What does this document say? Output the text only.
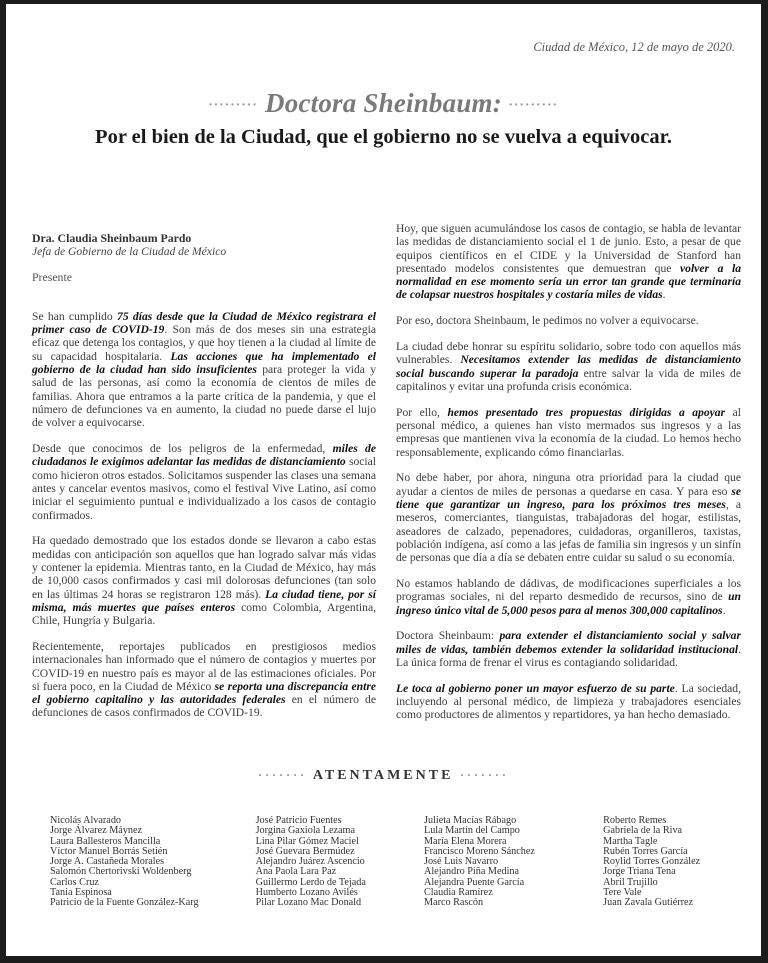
Ciudad de México, 12 de mayo de 2020.
········· Doctora Sheinbaum: ·········
Por el bien de la Ciudad, que el gobierno no se vuelva a equivocar.
Dra. Claudia Sheinbaum Pardo
Jefa de Gobierno de la Ciudad de México
Presente

Se han cumplido 75 días desde que la Ciudad de México registrara el primer caso de COVID-19. Son más de dos meses sin una estrategia eficaz que detenga los contagios, y que hoy tienen a la ciudad al límite de su capacidad hospitalaria. Las acciones que ha implementado el gobierno de la ciudad han sido insuficientes para proteger la vida y salud de las personas, así como la economía de cientos de miles de familias. Ahora que entramos a la parte crítica de la pandemia, y que el número de defunciones va en aumento, la ciudad no puede darse el lujo de volver a equivocarse.

Desde que conocimos de los peligros de la enfermedad, miles de ciudadanos le exigimos adelantar las medidas de distanciamiento social como hicieron otros estados. Solicitamos suspender las clases una semana antes y cancelar eventos masivos, como el festival Vive Latino, así como iniciar el seguimiento puntual e individualizado a los casos de contagio confirmados.

Ha quedado demostrado que los estados donde se llevaron a cabo estas medidas con anticipación son aquellos que han logrado salvar más vidas y contener la epidemia. Mientras tanto, en la Ciudad de México, hay más de 10,000 casos confirmados y casi mil dolorosas defunciones (tan solo en las últimas 24 horas se registraron 128 más). La ciudad tiene, por sí misma, más muertes que países enteros como Colombia, Argentina, Chile, Hungría y Bulgaria.

Recientemente, reportajes publicados en prestigiosos medios internacionales han informado que el número de contagios y muertes por COVID-19 en nuestro país es mayor al de las estimaciones oficiales. Por si fuera poco, en la Ciudad de México se reporta una discrepancia entre el gobierno capitalino y las autoridades federales en el número de defunciones de casos confirmados de COVID-19.

Hoy, que siguen acumulándose los casos de contagio, se habla de levantar las medidas de distanciamiento social el 1 de junio. Esto, a pesar de que equipos científicos en el CIDE y la Universidad de Stanford han presentado modelos consistentes que demuestran que volver a la normalidad en ese momento sería un error tan grande que terminaría de colapsar nuestros hospitales y costaría miles de vidas.

Por eso, doctora Sheinbaum, le pedimos no volver a equivocarse.

La ciudad debe honrar su espíritu solidario, sobre todo con aquellos más vulnerables. Necesitamos extender las medidas de distanciamiento social buscando superar la paradoja entre salvar la vida de miles de capitalinos y evitar una profunda crisis económica.

Por ello, hemos presentado tres propuestas dirigidas a apoyar al personal médico, a quienes han visto mermados sus ingresos y a las empresas que mantienen viva la economía de la ciudad. Lo hemos hecho responsablemente, explicando cómo financiarlas.

No debe haber, por ahora, ninguna otra prioridad para la ciudad que ayudar a cientos de miles de personas a quedarse en casa. Y para eso se tiene que garantizar un ingreso, para los próximos tres meses, a meseros, comerciantes, tianguistas, trabajadoras del hogar, estilistas, aseadores de calzado, pepenadores, cuidadoras, organilleros, taxistas, población indígena, así como a las jefas de familia sin ingresos y un sinfín de personas que día a día se debaten entre cuidar su salud o su economía.

No estamos hablando de dádivas, de modificaciones superficiales a los programas sociales, ni del reparto desmedido de recursos, sino de un ingreso único vital de 5,000 pesos para al menos 300,000 capitalinos.

Doctora Sheinbaum: para extender el distanciamiento social y salvar miles de vidas, también debemos extender la solidaridad institucional. La única forma de frenar el virus es contagiando solidaridad.

Le toca al gobierno poner un mayor esfuerzo de su parte. La sociedad, incluyendo al personal médico, de limpieza y trabajadores esenciales como productores de alimentos y repartidores, ya han hecho demasiado.

······· ATENTAMENTE ·······
Nicolás Alvarado
Jorge Álvarez Máynez
Laura Ballesteros Mancilla
Víctor Manuel Borrás Setién
Jorge A. Castañeda Morales
Salomón Chertorivski Woldenberg
Carlos Cruz
Tania Espinosa
Patricio de la Fuente González-Karg
José Patricio Fuentes
Jorgina Gaxiola Lezama
Lina Pilar Gómez Maciel
José Guevara Bermúdez
Alejandro Juárez Ascencio
Ana Paola Lara Paz
Guillermo Lerdo de Tejada
Humberto Lozano Avilés
Pilar Lozano Mac Donald
Julieta Macías Rábago
Lula Martín del Campo
María Elena Morera
Francisco Moreno Sánchez
José Luis Navarro
Alejandro Piña Medina
Alejandra Puente García
Claudia Ramírez
Marco Rascón
Roberto Remes
Gabriela de la Riva
Martha Tagle
Rubén Torres García
Roylid Torres González
Jorge Triana Tena
Abril Trujillo
Tere Vale
Juan Zavala Gutiérrez
